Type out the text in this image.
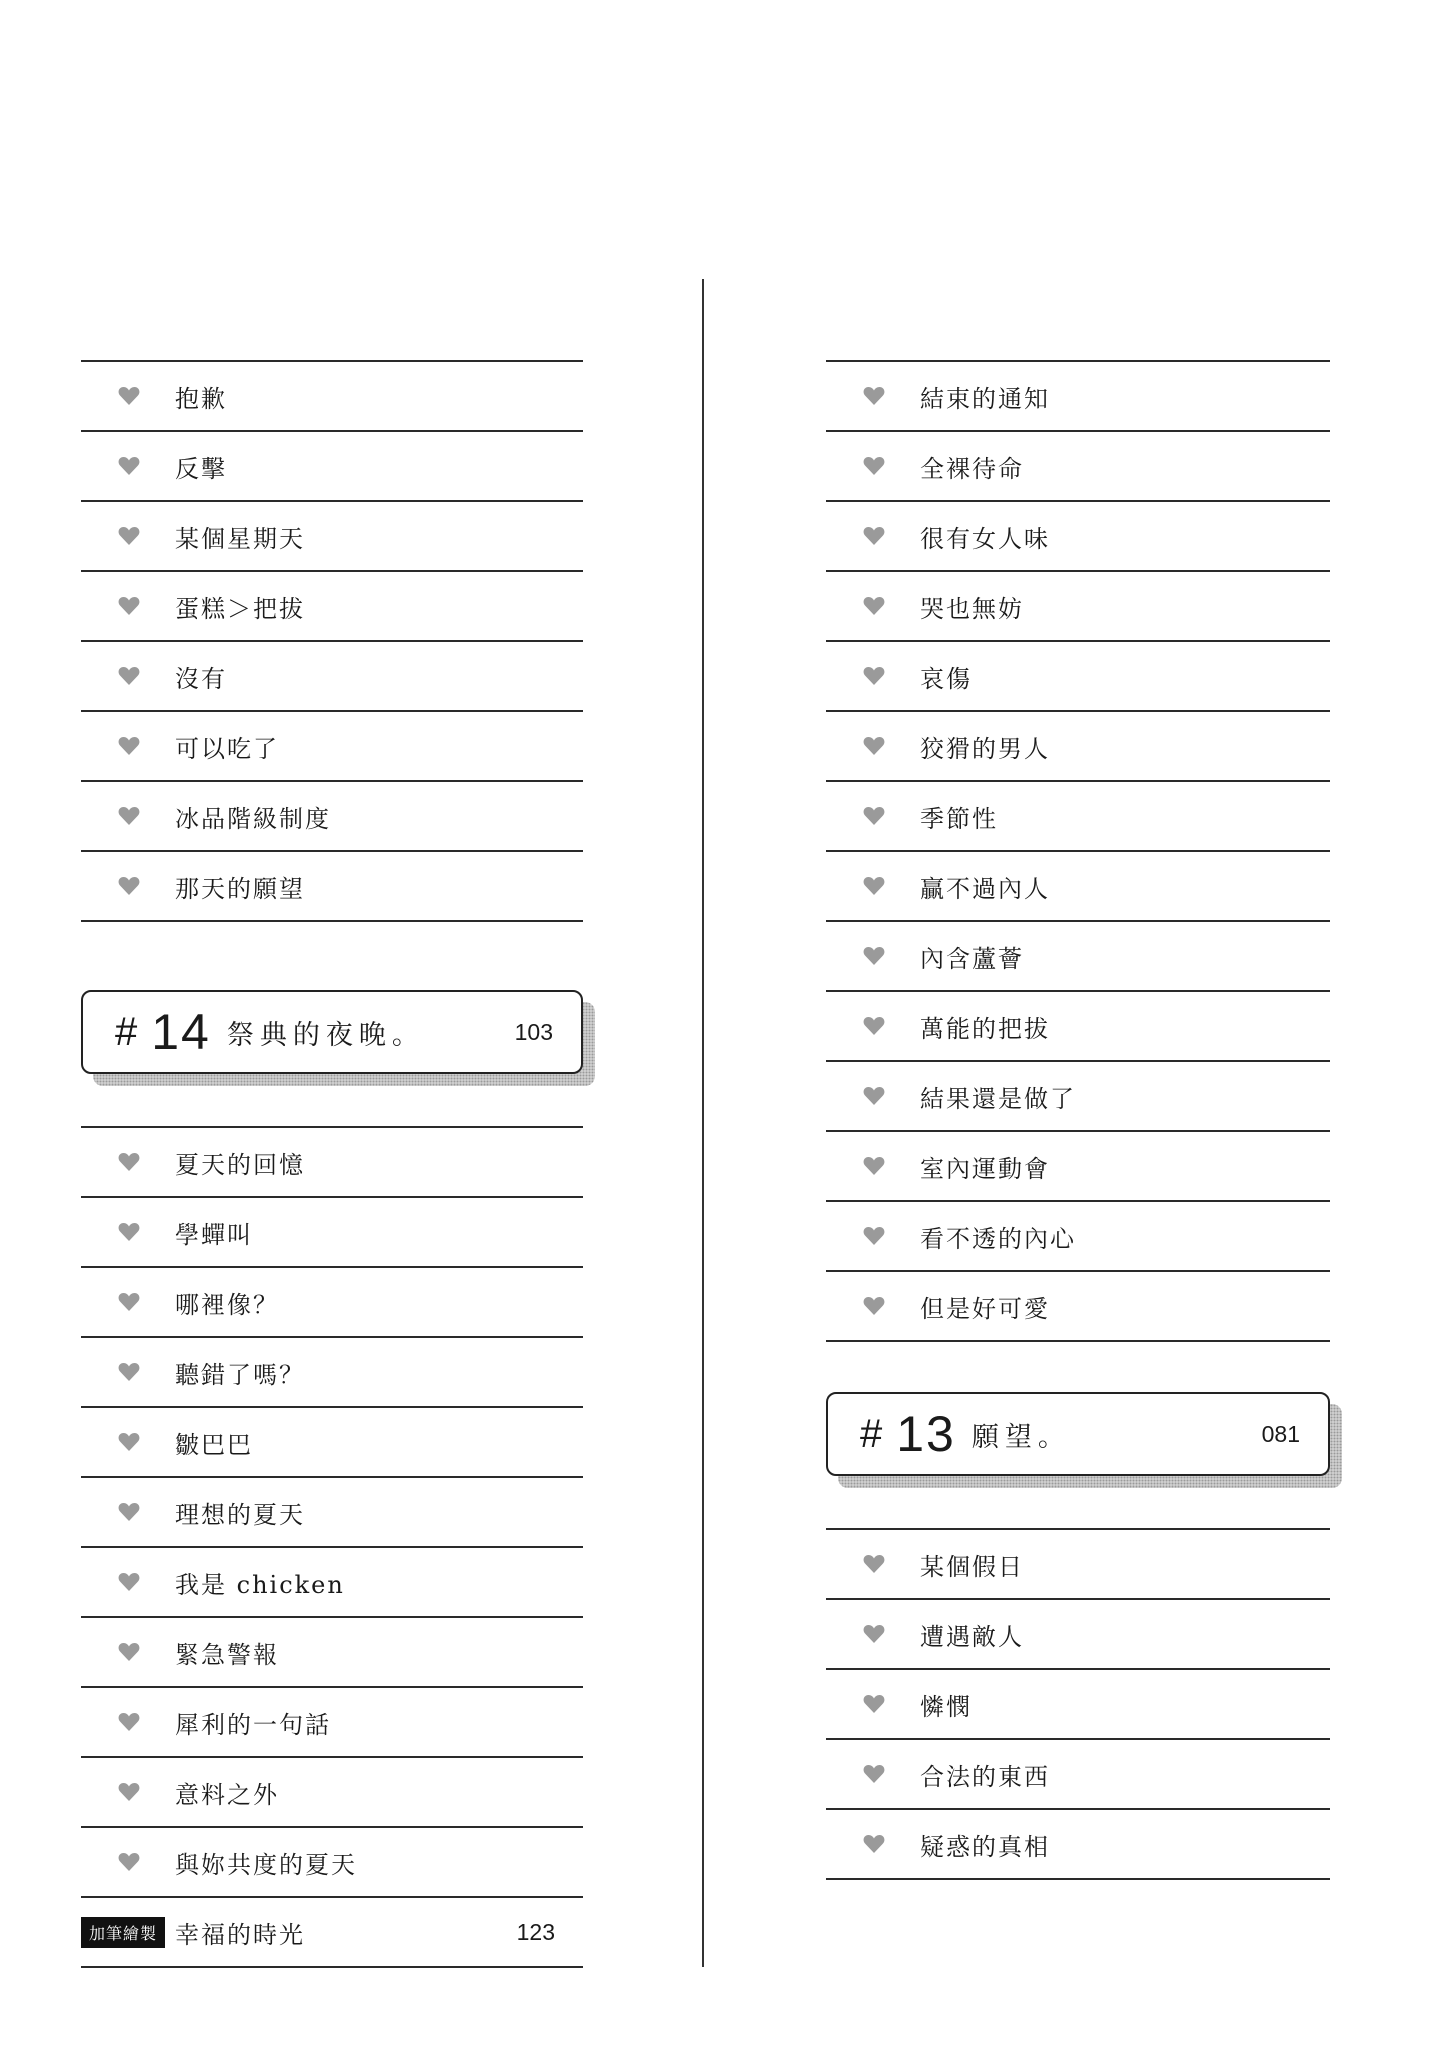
抱歉
反擊
某個星期天
蛋糕＞把拔
沒有
可以吃了
冰品階級制度
那天的願望
# 14 祭典的夜晚。	103
夏天的回憶
學蟬叫
哪裡像？
聽錯了嗎？
皺巴巴
理想的夏天
我是 chicken
緊急警報
犀利的一句話
意料之外
與妳共度的夏天
加筆繪製 幸福的時光	123
結束的通知
全裸待命
很有女人味
哭也無妨
哀傷
狡猾的男人
季節性
贏不過內人
內含蘆薈
萬能的把拔
結果還是做了
室內運動會
看不透的內心
但是好可愛
# 13 願望。	081
某個假日
遭遇敵人
憐憫
合法的東西
疑惑的真相
